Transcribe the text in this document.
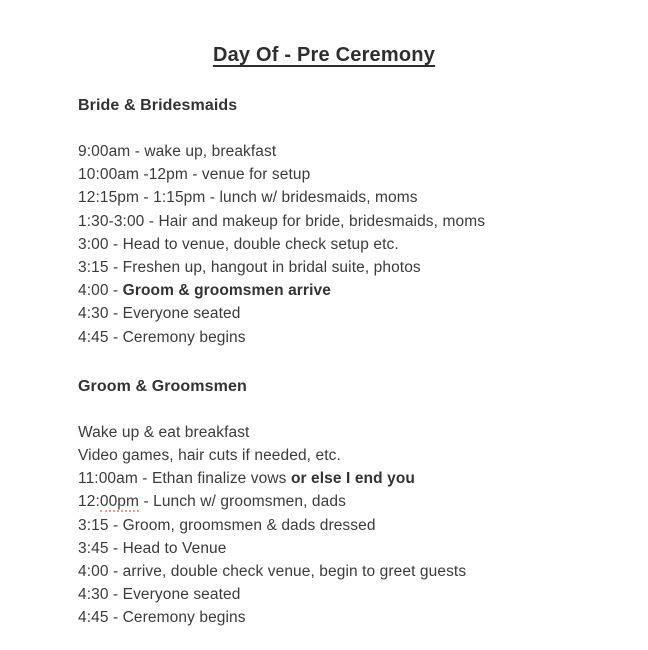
Day Of - Pre Ceremony
Bride & Bridesmaids

9:00am - wake up, breakfast

10:00am -12pm - venue for setup

12:15pm - 1:15pm - lunch w/ bridesmaids, moms

1:30-3:00 - Hair and makeup for bride, bridesmaids, moms

3:00 - Head to venue, double check setup etc.

3:15 - Freshen up, hangout in bridal suite, photos

4:00 - Groom & groomsmen arrive

4:30 - Everyone seated

4:45 - Ceremony begins

Groom & Groomsmen

Wake up & eat breakfast

Video games, hair cuts if needed, etc.

11:00am - Ethan finalize vows or else I end you

12:00pm - Lunch w/ groomsmen, dads

3:15 - Groom, groomsmen & dads dressed

3:45 - Head to Venue

4:00 - arrive, double check venue, begin to greet guests

4:30 - Everyone seated

4:45 - Ceremony begins
